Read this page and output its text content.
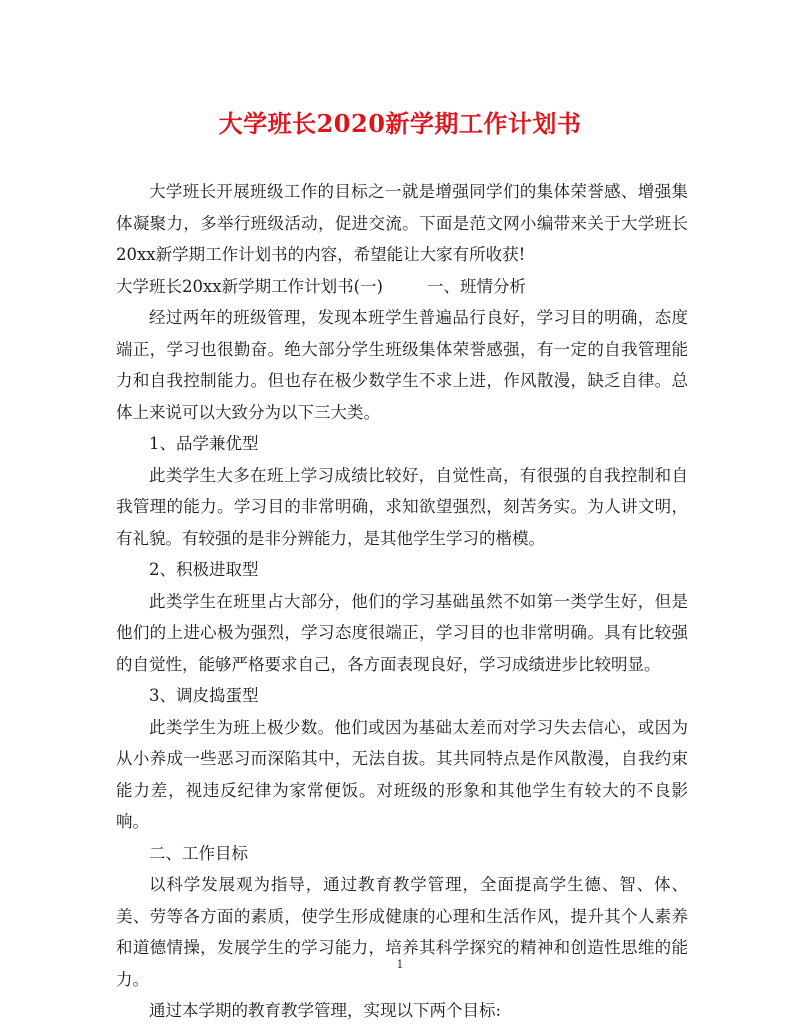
大学班长2020新学期工作计划书

大学班长开展班级工作的目标之一就是增强同学们的集体荣誉感、增强集体凝聚力，多举行班级活动，促进交流。下面是范文网小编带来关于大学班长20xx新学期工作计划书的内容，希望能让大家有所收获!

大学班长20xx新学期工作计划书(一)	一、班情分析

经过两年的班级管理，发现本班学生普遍品行良好，学习目的明确，态度端正，学习也很勤奋。绝大部分学生班级集体荣誉感强，有一定的自我管理能力和自我控制能力。但也存在极少数学生不求上进，作风散漫，缺乏自律。总体上来说可以大致分为以下三大类。

1、品学兼优型

此类学生大多在班上学习成绩比较好，自觉性高，有很强的自我控制和自我管理的能力。学习目的非常明确，求知欲望强烈，刻苦务实。为人讲文明，有礼貌。有较强的是非分辨能力，是其他学生学习的楷模。

2、积极进取型

此类学生在班里占大部分，他们的学习基础虽然不如第一类学生好，但是他们的上进心极为强烈，学习态度很端正，学习目的也非常明确。具有比较强的自觉性，能够严格要求自己，各方面表现良好，学习成绩进步比较明显。

3、调皮捣蛋型

此类学生为班上极少数。他们或因为基础太差而对学习失去信心，或因为从小养成一些恶习而深陷其中，无法自拔。其共同特点是作风散漫，自我约束能力差，视违反纪律为家常便饭。对班级的形象和其他学生有较大的不良影响。

二、工作目标

以科学发展观为指导，通过教育教学管理，全面提高学生德、智、体、美、劳等各方面的素质，使学生形成健康的心理和生活作风，提升其个人素养和道德情操，发展学生的学习能力，培养其科学探究的精神和创造性思维的能力。

通过本学期的教育教学管理，实现以下两个目标:

1
